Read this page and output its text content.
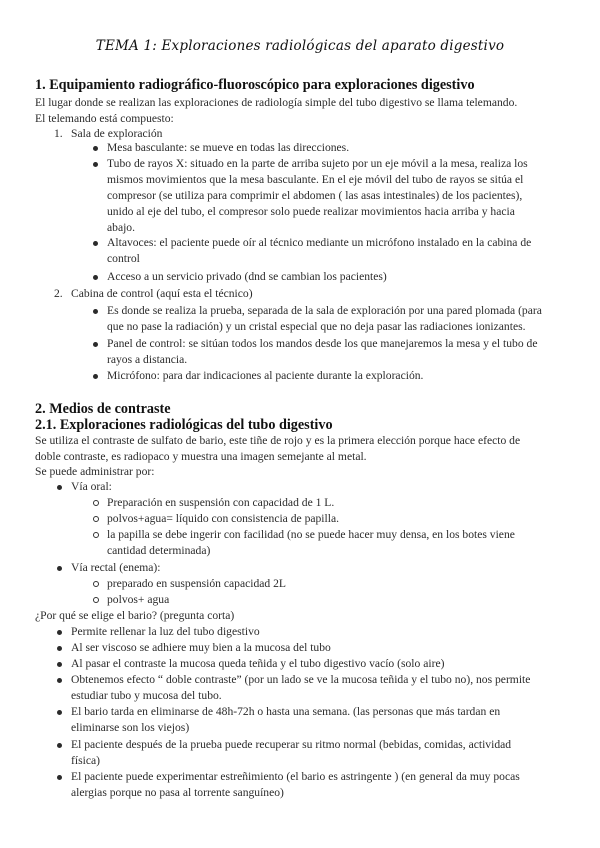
TEMA 1: Exploraciones radiológicas del aparato digestivo
1. Equipamiento radiográfico-fluoroscópico para exploraciones digestivo
El lugar donde se realizan las exploraciones de radiología simple del tubo digestivo se llama telemando.
El telemando está compuesto:
1. Sala de exploración
Mesa basculante: se mueve en todas las direcciones.
Tubo de rayos X: situado en la parte de arriba sujeto por un eje móvil a la mesa, realiza los
mismos movimientos que la mesa basculante. En el eje móvil del tubo de rayos se sitúa el
compresor (se utiliza para comprimir el abdomen ( las asas intestinales) de los pacientes),
unido al eje del tubo, el compresor solo puede realizar movimientos hacia arriba y hacia
abajo.
Altavoces: el paciente puede oír al técnico mediante un micrófono instalado en la cabina de
control
Acceso a un servicio privado (dnd se cambian los pacientes)
2. Cabina de control (aquí esta el técnico)
Es donde se realiza la prueba, separada de la sala de exploración por una pared plomada (para
que no pase la radiación) y un cristal especial que no deja pasar las radiaciones ionizantes.
Panel de control: se sitúan todos los mandos desde los que manejaremos la mesa y el tubo de
rayos a distancia.
Micrófono: para dar indicaciones al paciente durante la exploración.
2. Medios de contraste
2.1. Exploraciones radiológicas del tubo digestivo
Se utiliza el contraste de sulfato de bario, este tiñe de rojo y es la primera elección porque hace efecto de
doble contraste, es radiopaco y muestra una imagen semejante al metal.
Se puede administrar por:
Vía oral:
Preparación en suspensión con capacidad de 1 L.
polvos+agua= líquido con consistencia de papilla.
la papilla se debe ingerir con facilidad (no se puede hacer muy densa, en los botes viene
cantidad determinada)
Vía rectal (enema):
preparado en suspensión capacidad 2L
polvos+ agua
¿Por qué se elige el bario? (pregunta corta)
Permite rellenar la luz del tubo digestivo
Al ser viscoso se adhiere muy bien a la mucosa del tubo
Al pasar el contraste la mucosa queda teñida y el tubo digestivo vacío (solo aire)
Obtenemos efecto “ doble contraste” (por un lado se ve la mucosa teñida y el tubo no), nos permite
estudiar tubo y mucosa del tubo.
El bario tarda en eliminarse de 48h-72h o hasta una semana. (las personas que más tardan en
eliminarse son los viejos)
El paciente después de la prueba puede recuperar su ritmo normal (bebidas, comidas, actividad
física)
El paciente puede experimentar estreñimiento (el bario es astringente ) (en general da muy pocas
alergias porque no pasa al torrente sanguíneo)
